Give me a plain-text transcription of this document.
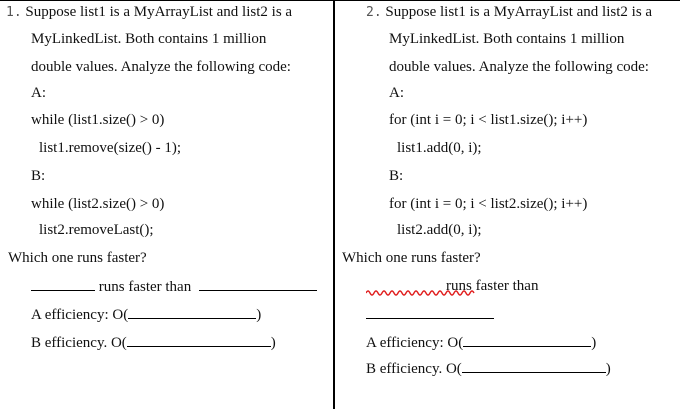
1. Suppose list1 is a MyArrayList and list2 is a
MyLinkedList. Both contains 1 million
double values. Analyze the following code:
A:
while (list1.size() > 0)
list1.remove(size() - 1);
B:
while (list2.size() > 0)
list2.removeLast();
Which one runs faster?
runs faster than
A efficiency: O(	)
B efficiency. O(	)
2. Suppose list1 is a MyArrayList and list2 is a
MyLinkedList. Both contains 1 million
double values. Analyze the following code:
A:
for (int i = 0; i < list1.size(); i++)
list1.add(0, i);
B:
for (int i = 0; i < list2.size(); i++)
list2.add(0, i);
Which one runs faster?
runs faster than
A efficiency: O(	)
B efficiency. O(	)
